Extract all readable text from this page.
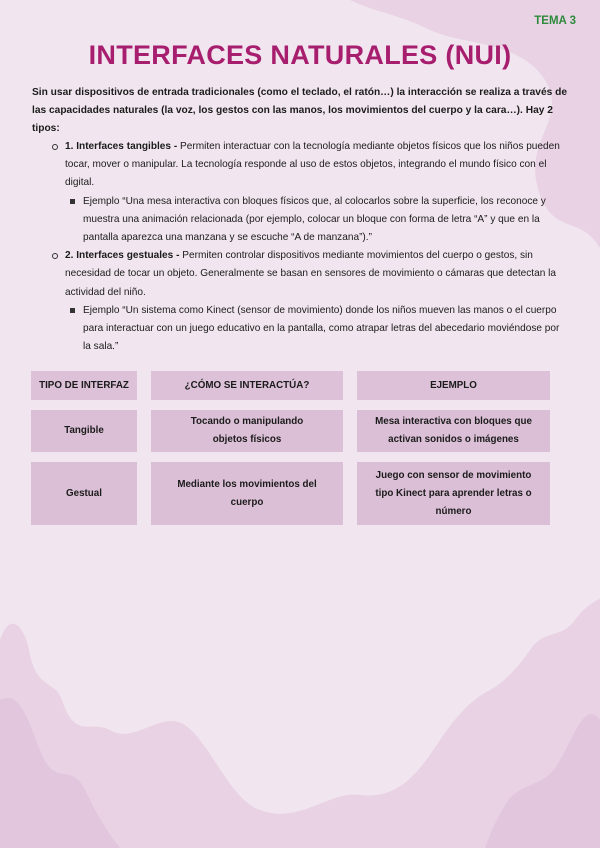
TEMA 3
INTERFACES NATURALES (NUI)

Sin usar dispositivos de entrada tradicionales (como el teclado, el ratón…) la interacción se realiza a través de las capacidades naturales (la voz, los gestos con las manos, los movimientos del cuerpo y la cara…). Hay 2 tipos:

1. Interfaces tangibles - Permiten interactuar con la tecnología mediante objetos físicos que los niños pueden tocar, mover o manipular. La tecnología responde al uso de estos objetos, integrando el mundo físico con el digital.
Ejemplo “Una mesa interactiva con bloques físicos que, al colocarlos sobre la superficie, los reconoce y muestra una animación relacionada (por ejemplo, colocar un bloque con forma de letra “A” y que en la pantalla aparezca una manzana y se escuche “A de manzana”).”
2. Interfaces gestuales - Permiten controlar dispositivos mediante movimientos del cuerpo o gestos, sin necesidad de tocar un objeto. Generalmente se basan en sensores de movimiento o cámaras que detectan la actividad del niño.
Ejemplo “Un sistema como Kinect (sensor de movimiento) donde los niños mueven las manos o el cuerpo para interactuar con un juego educativo en la pantalla, como atrapar letras del abecedario moviéndose por la sala.”
TIPO DE INTERFAZ	¿CÓMO SE INTERACTÚA?	EJEMPLO
Tangible
Tocando o manipulando objetos físicos
Mesa interactiva con bloques que activan sonidos o imágenes
Gestual
Mediante los movimientos del cuerpo
Juego con sensor de movimiento tipo Kinect para aprender letras o número
